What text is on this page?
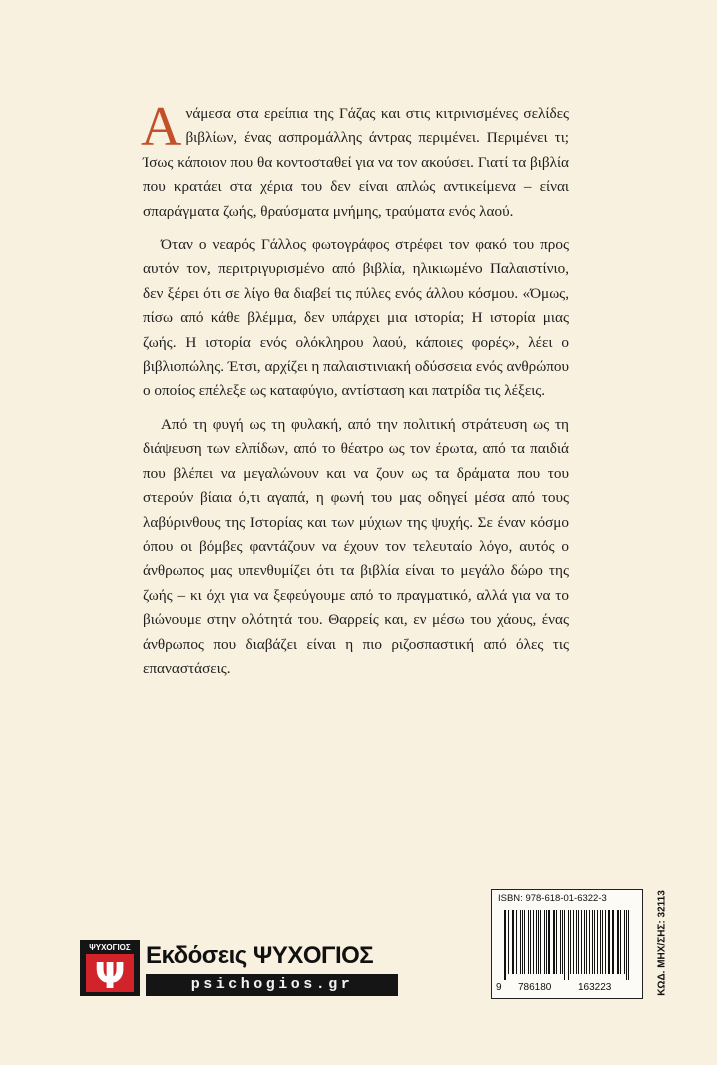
Ανάμεσα στα ερείπια της Γάζας και στις κιτρινισμένες σελίδες βιβλίων, ένας ασπρομάλλης άντρας περιμένει. Περιμένει τι; Ίσως κάποιον που θα κοντοσταθεί για να τον ακούσει. Γιατί τα βιβλία που κρατάει στα χέρια του δεν είναι απλώς αντικείμενα – είναι σπαράγματα ζωής, θραύσματα μνήμης, τραύματα ενός λαού.

Όταν ο νεαρός Γάλλος φωτογράφος στρέφει τον φακό του προς αυτόν τον, περιτριγυρισμένο από βιβλία, ηλικιωμένο Παλαιστίνιο, δεν ξέρει ότι σε λίγο θα διαβεί τις πύλες ενός άλλου κόσμου. «Όμως, πίσω από κάθε βλέμμα, δεν υπάρχει μια ιστορία; Η ιστορία μιας ζωής. Η ιστορία ενός ολόκληρου λαού, κάποιες φορές», λέει ο βιβλιοπώλης. Έτσι, αρχίζει η παλαιστινιακή οδύσσεια ενός ανθρώπου ο οποίος επέλεξε ως καταφύγιο, αντίσταση και πατρίδα τις λέξεις.

Από τη φυγή ως τη φυλακή, από την πολιτική στράτευση ως τη διάψευση των ελπίδων, από το θέατρο ως τον έρωτα, από τα παιδιά που βλέπει να μεγαλώνουν και να ζουν ως τα δράματα που του στερούν βίαια ό,τι αγαπά, η φωνή του μας οδηγεί μέσα από τους λαβύρινθους της Ιστορίας και των μύχιων της ψυχής. Σε έναν κόσμο όπου οι βόμβες φαντάζουν να έχουν τον τελευταίο λόγο, αυτός ο άνθρωπος μας υπενθυμίζει ότι τα βιβλία είναι το μεγάλο δώρο της ζωής – κι όχι για να ξεφεύγουμε από το πραγματικό, αλλά για να το βιώνουμε στην ολότητά του. Θαρρείς και, εν μέσω του χάους, ένας άνθρωπος που διαβάζει είναι η πιο ριζοσπαστική από όλες τις επαναστάσεις.

ΨΥΧΟΓΙΟΣ
Ψ
Εκδόσεις ΨΥΧΟΓΙΟΣ
psichogios.gr
ISBN: 978-618-01-6322-3
9 786180	163223	ΚΩΔ. ΜΗΧ/ΣΗΣ: 32113
